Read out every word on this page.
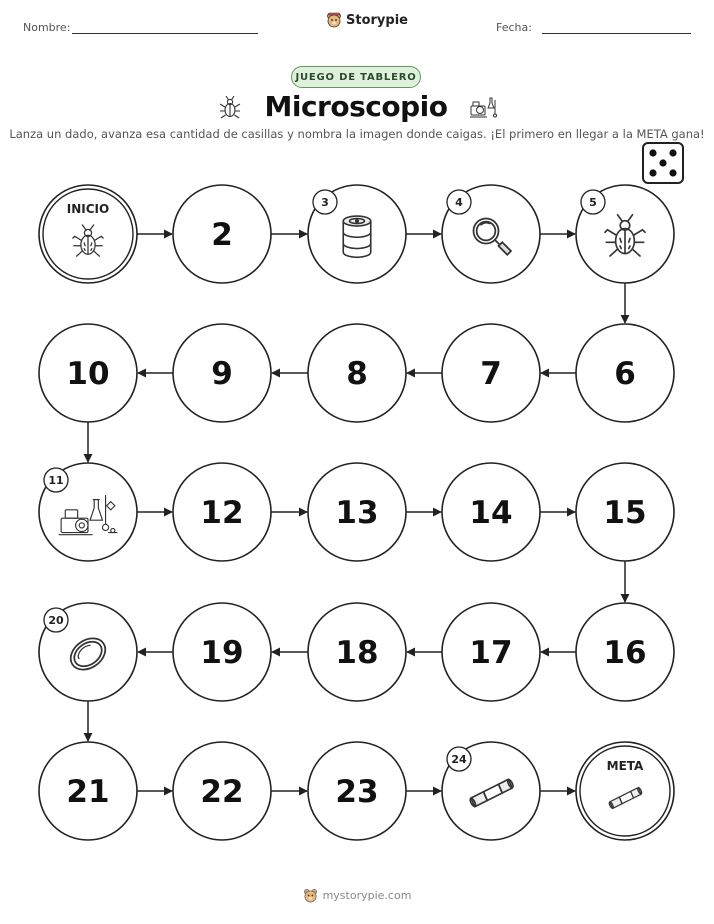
Nombre:	Storypie	Fecha:
JUEGO DE TABLERO
Microscopio
Lanza un dado, avanza esa cantidad de casillas y nombra la imagen donde caigas. ¡El primero en llegar a la META gana!
INICIO
2
3	4	5
6
7
8
9
10
11
12	13	14	15
16
17
18
19
20
21	22	23
24	META
mystorypie.com
